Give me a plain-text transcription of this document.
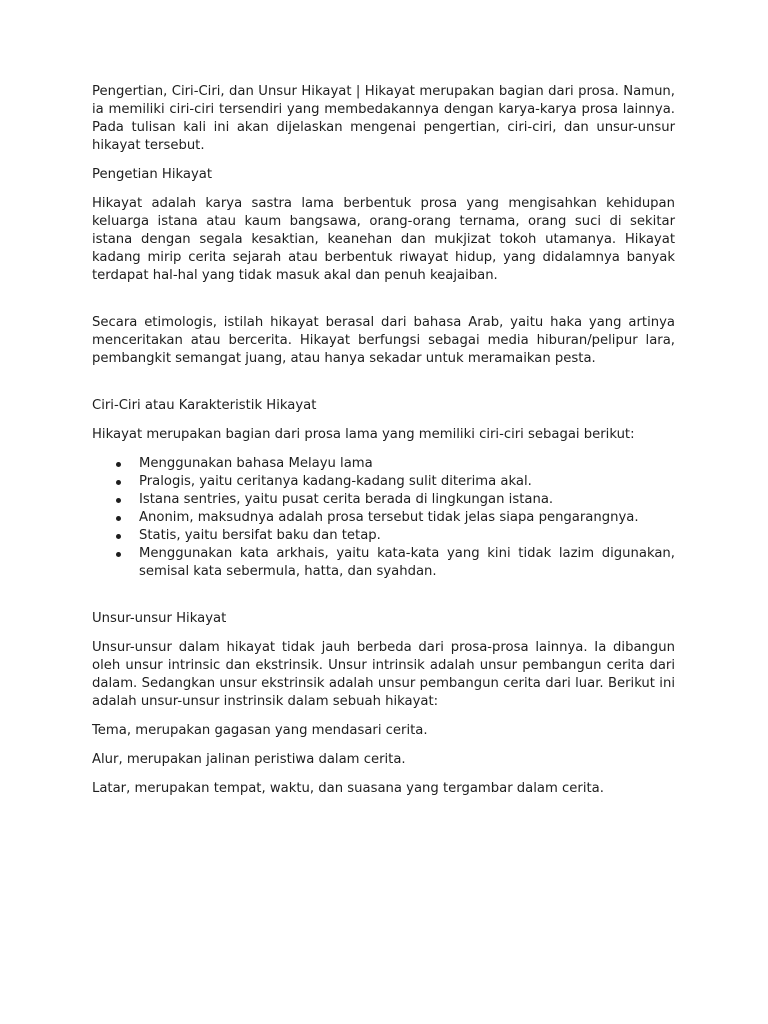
Pengertian, Ciri-Ciri, dan Unsur Hikayat | Hikayat merupakan bagian dari prosa. Namun, ia memiliki ciri-ciri tersendiri yang membedakannya dengan karya-karya prosa lainnya. Pada tulisan kali ini akan dijelaskan mengenai pengertian, ciri-ciri, dan unsur-unsur hikayat tersebut.

Pengetian Hikayat

Hikayat adalah karya sastra lama berbentuk prosa yang mengisahkan kehidupan keluarga istana atau kaum bangsawa, orang-orang ternama, orang suci di sekitar istana dengan segala kesaktian, keanehan dan mukjizat tokoh utamanya. Hikayat kadang mirip cerita sejarah atau berbentuk riwayat hidup, yang didalamnya banyak terdapat hal-hal yang tidak masuk akal dan penuh keajaiban.

Secara etimologis, istilah hikayat berasal dari bahasa Arab, yaitu haka yang artinya menceritakan atau bercerita. Hikayat berfungsi sebagai media hiburan/pelipur lara, pembangkit semangat juang, atau hanya sekadar untuk meramaikan pesta.

Ciri-Ciri atau Karakteristik Hikayat

Hikayat merupakan bagian dari prosa lama yang memiliki ciri-ciri sebagai berikut:

Menggunakan bahasa Melayu lama
Pralogis, yaitu ceritanya kadang-kadang sulit diterima akal.
Istana sentries, yaitu pusat cerita berada di lingkungan istana.
Anonim, maksudnya adalah prosa tersebut tidak jelas siapa pengarangnya.
Statis, yaitu bersifat baku dan tetap.
Menggunakan kata arkhais, yaitu kata-kata yang kini tidak lazim digunakan, semisal kata sebermula, hatta, dan syahdan.

Unsur-unsur Hikayat

Unsur-unsur dalam hikayat tidak jauh berbeda dari prosa-prosa lainnya. Ia dibangun oleh unsur intrinsic dan ekstrinsik. Unsur intrinsik adalah unsur pembangun cerita dari dalam. Sedangkan unsur ekstrinsik adalah unsur pembangun cerita dari luar. Berikut ini adalah unsur-unsur instrinsik dalam sebuah hikayat:

Tema, merupakan gagasan yang mendasari cerita.

Alur, merupakan jalinan peristiwa dalam cerita.

Latar, merupakan tempat, waktu, dan suasana yang tergambar dalam cerita.
